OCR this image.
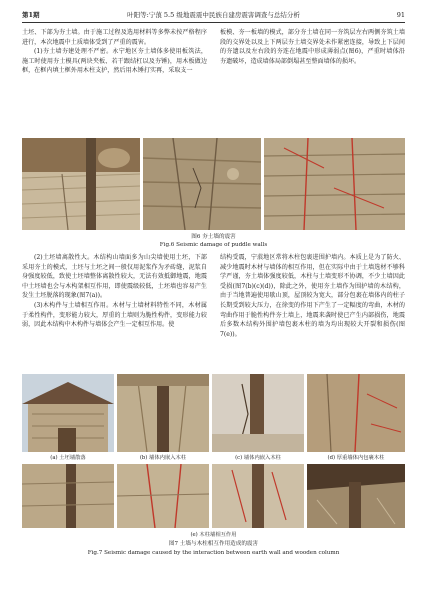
第1期	叶阳等:宁蒗 5.5 级地震震中民族自建房震害调查与总结分析	91

土坯、下部为夯土墙。由于施工过程及选用材料等多弊未按严格程序进行，本次地震中土质墙体受到了严重的震害。

(1)夯土墙夯建处理不严密。永宁地区夯土墙体多使用板筑法，施工时使用夯土模具(两块夹板、若干跟结杠以及夯锤)，用木板做边框，在框内填土框外用木柱支护，然后用木锤打实再，采取支一

板模、夯一板墙的模式，部分夯土墙在同一夯筑层左右两侧夯筑土墙段的交界处以及上下两层夯土墙交界处未作紧密连接，导致上下层间的夯遗以及左右段的夯连在地震中形成薄弱点(图6)，严重时墙体沿夯遗破坏，造成墙体局部倒塌甚至整面墙体的损坏。

图6 夯土墙的震害
Fig.6 Seismic damage of puddle walls

(2)土坯墙离散性大。木结构山墙面多为山尖墙使用土坯，下部采用夯土的模式，土坯与土坯之间一般仅用泥浆作为矛砖缝，泥浆自身强度较低，致使土坯墙整体离散性较大，无法有效抵御地震，地震中土坯墙也会与木构架相互作用，即使震级较低，土坯墙也容易产生发生土坯脱落的现象(图7(a))。

(3)木构件与土墙相互作用。木材与土墙材料特性不同，木材属于柔性构件，变形能力较大，厚重的土墙则为脆性构件，变形能力较弱，因此木结构中木构件与墙体会产生一定相互作用。使

结构受震，宁蒗地区常将木柱包裹进围护墙内。本质上是为了防火、减少地震时木材与墙体的相互作用，但在实际中由于土墙选材不够科学严谨，夯土墙体强度较低，木柱与土墙变形不协调，不少土墙因此受损(图7(b)(c)(d))，除此之外，使用夯土墙作为围护墙的木结构，由于当地普遍使用歇山顶，屋顶较为宽大，部分包裹在墙体内的柱子长期受到较大压力，在徐变的作用下产生了一定幅度的弯曲，木材的弯曲作用于脆性构件夯土墙上，地震来袭时使已产生内部损伤，地震后多数木结构外围护墙包裹木柱的墙为均出现较大开裂和损伤(图7(e))。

(a) 土坯墙散落	(b) 墙体内嵌入木柱	(c) 墙体内嵌入木柱	(d) 厚重墙体内包裹木柱
(e) 木柱墙相互作用
图7 土墙与木柱相互作用造成的震害
Fig.7 Seismic damage caused by the interaction between earth wall and wooden column
